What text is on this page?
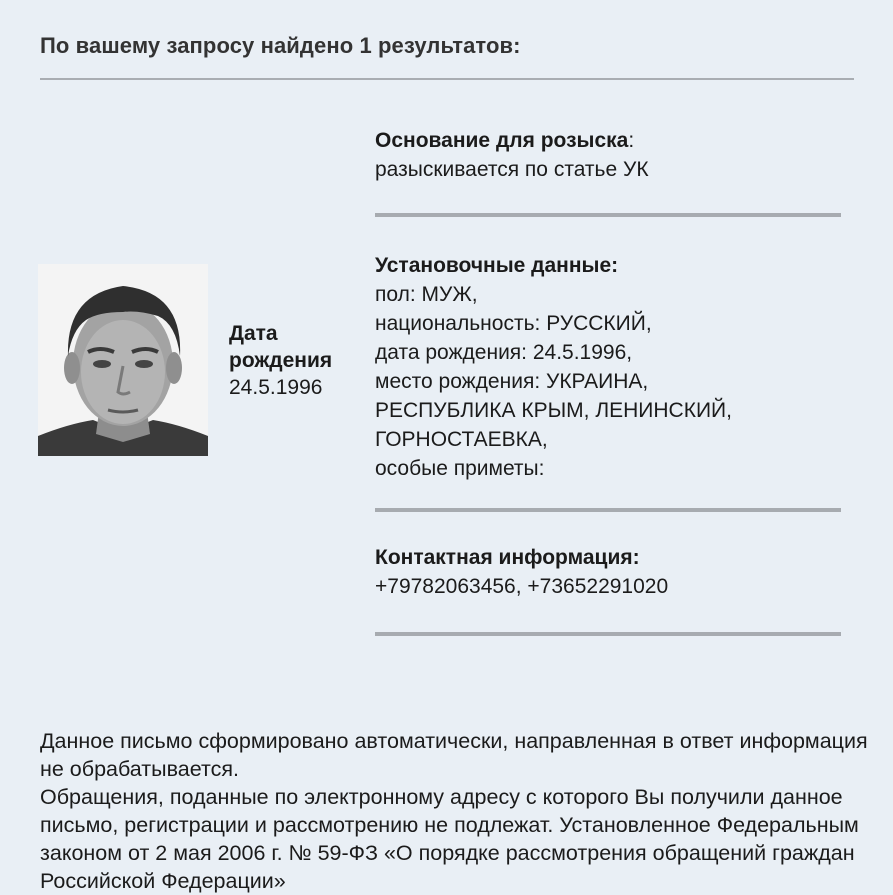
По вашему запросу найдено 1 результатов:
Дата рождения
24.5.1996
Основание для розыска:
разыскивается по статье УК
Установочные данные:
пол: МУЖ,
национальность: РУССКИЙ,
дата рождения: 24.5.1996,
место рождения: УКРАИНА,
РЕСПУБЛИКА КРЫМ, ЛЕНИНСКИЙ,
ГОРНОСТАЕВКА,
особые приметы:
Контактная информация:
+79782063456, +73652291020

Данное письмо сформировано автоматически, направленная в ответ информация не обрабатывается.

Обращения, поданные по электронному адресу с которого Вы получили данное письмо, регистрации и рассмотрению не подлежат. Установленное Федеральным законом от 2 мая 2006 г. № 59-ФЗ «О порядке рассмотрения обращений граждан Российской Федерации»
